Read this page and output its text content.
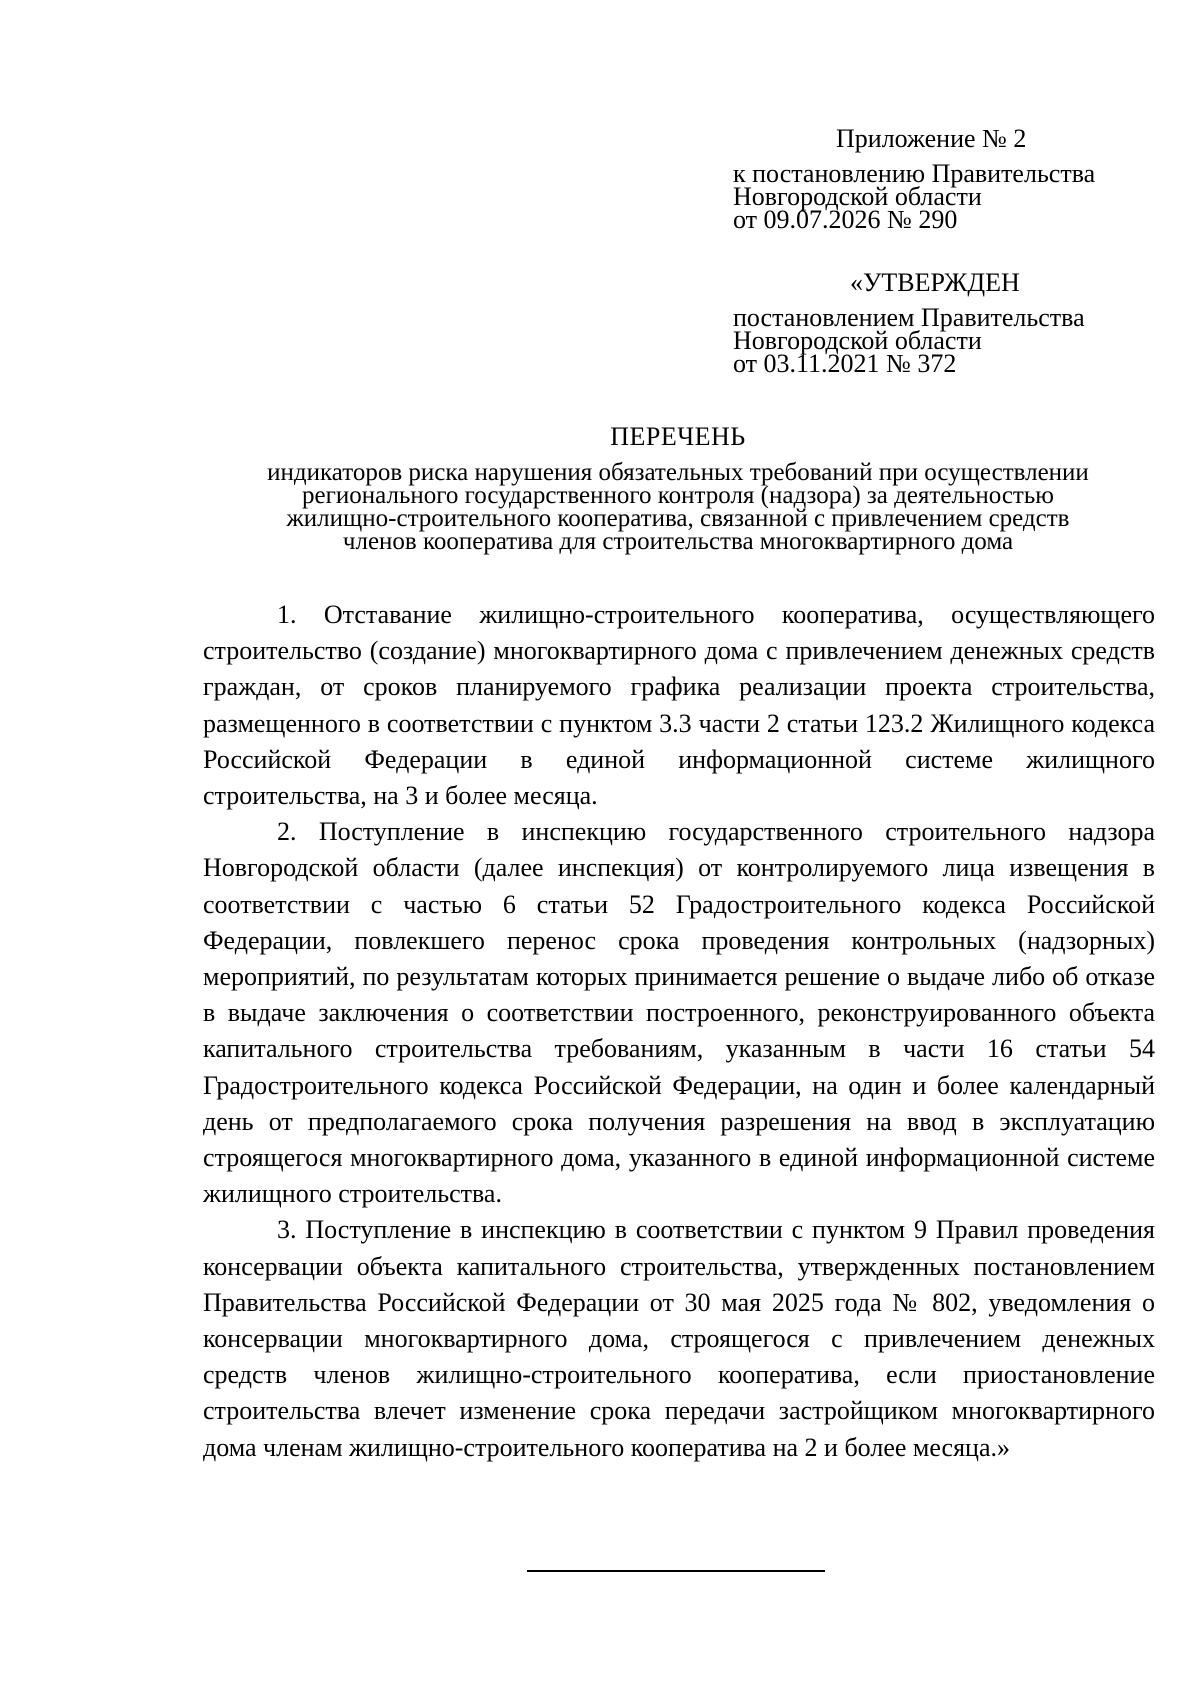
Приложение № 2
к постановлению Правительства
Новгородской области
от 09.07.2026 № 290
«УТВЕРЖДЕН
постановлением Правительства
Новгородской области
от 03.11.2021 № 372
ПЕРЕЧЕНЬ
индикаторов риска нарушения обязательных требований при осуществлении
регионального государственного контроля (надзора) за деятельностью
жилищно-строительного кооператива, связанной с привлечением средств
членов кооператива для строительства многоквартирного дома

1. Отставание жилищно-строительного кооператива, осуществляющего строительство (создание) многоквартирного дома с привлечением денежных средств граждан, от сроков планируемого графика реализации проекта строительства, размещенного в соответствии с пунктом 3.3 части 2 статьи 123.2 Жилищного кодекса Российской Федерации в единой информационной системе жилищного строительства, на 3 и более месяца.

2. Поступление в инспекцию государственного строительного надзора Новгородской области (далее инспекция) от контролируемого лица извещения в соответствии с частью 6 статьи 52 Градостроительного кодекса Российской Федерации, повлекшего перенос срока проведения контрольных (надзорных) мероприятий, по результатам которых принимается решение о выдаче либо об отказе в выдаче заключения о соответствии построенного, реконструированного объекта капитального строительства требованиям, указанным в части 16 статьи 54 Градостроительного кодекса Российской Федерации, на один и более календарный день от предполагаемого срока получения разрешения на ввод в эксплуатацию строящегося многоквартирного дома, указанного в единой информационной системе жилищного строительства.

3. Поступление в инспекцию в соответствии с пунктом 9 Правил проведения консервации объекта капитального строительства, утвержденных постановлением Правительства Российской Федерации от 30 мая 2025 года № 802, уведомления о консервации многоквартирного дома, строящегося с привлечением денежных средств членов жилищно-строительного кооператива, если приостановление строительства влечет изменение срока передачи застройщиком многоквартирного дома членам жилищно-строительного кооператива на 2 и более месяца.»
